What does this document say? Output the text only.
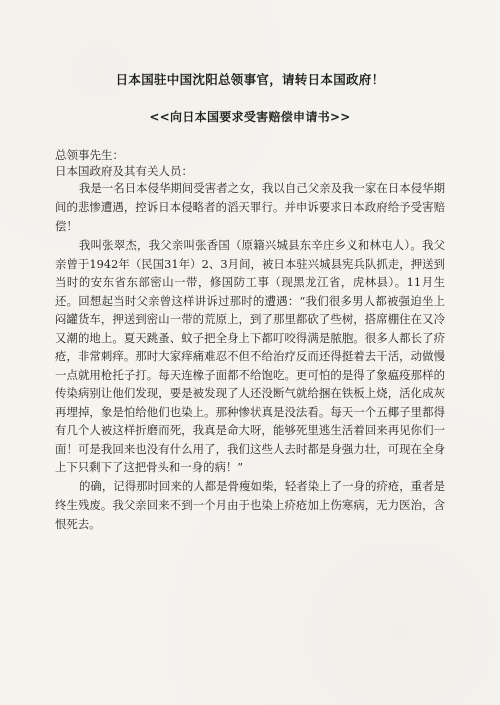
日本国驻中国沈阳总领事官，请转日本国政府！
<<向日本国要求受害赔偿申请书>>

总领事先生：

日本国政府及其有关人员：

我是一名日本侵华期间受害者之女，我以自己父亲及我一家在日本侵华期间的悲惨遭遇，控诉日本侵略者的滔天罪行。并申诉要求日本政府给予受害赔偿！

我叫张翠杰，我父亲叫张香国（原籍兴城县东辛庄乡义和林屯人）。我父亲曾于1942年（民国31年）2、3月间，被日本驻兴城县宪兵队抓走，押送到当时的安东省东部密山一带，修国防工事（现黑龙江省，虎林县）。11月生还。回想起当时父亲曾这样讲诉过那时的遭遇：“我们很多男人都被强迫坐上闷罐货车，押送到密山一带的荒原上，到了那里都砍了些树，搭席棚住在又冷又潮的地上。夏天跳蚤、蚊子把全身上下都叮咬得满是脓胞。很多人都长了疥疮，非常刺痒。那时大家痒痛难忍不但不给治疗反而还得挺着去干活，动做慢一点就用枪托子打。每天连橡子面都不给饱吃。更可怕的是得了象瘟疫那样的传染病别让他们发现，要是被发现了人还没断气就给捆在铁板上烧，活化成灰再埋掉，象是怕给他们也染上。那种惨状真是没法看。每天一个五椰子里都得有几个人被这样折磨而死，我真是命大呀，能够死里逃生活着回来再见你们一面！可是我回来也没有什么用了，我们这些人去时都是身强力壮，可现在全身上下只剩下了这把骨头和一身的病！”

的确，记得那时回来的人都是骨瘦如柴，轻者染上了一身的疥疮，重者是终生残废。我父亲回来不到一个月由于也染上疥疮加上伤寒病，无力医治，含恨死去。
